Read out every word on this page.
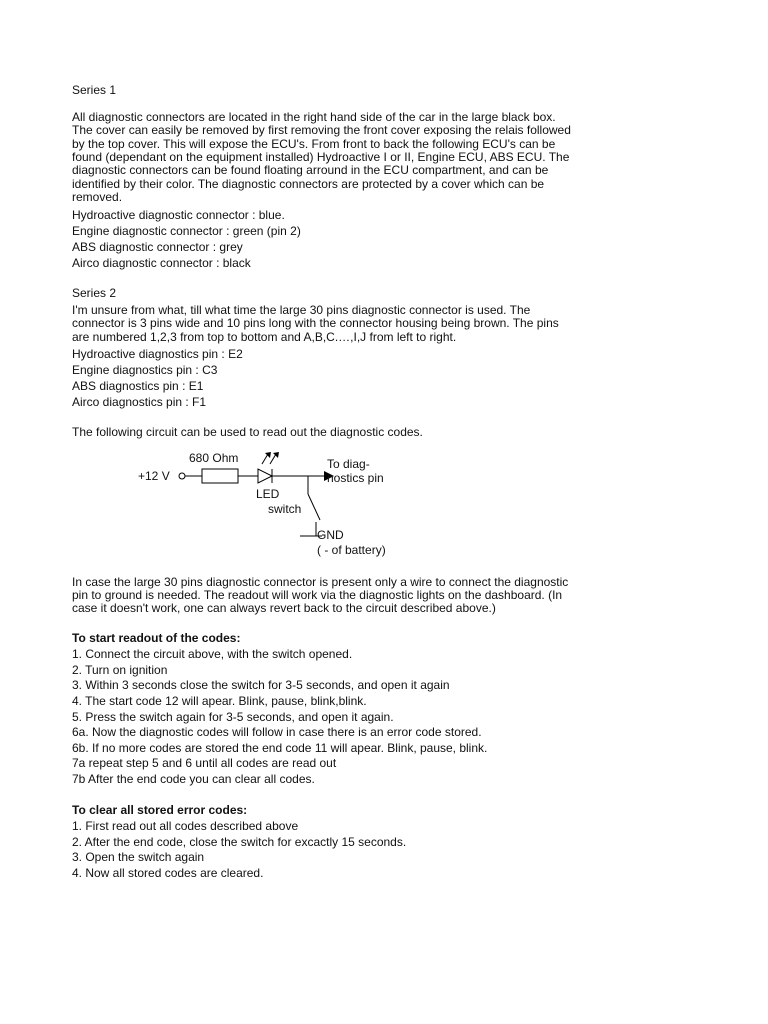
Series 1
All diagnostic connectors are located in the right hand side of the car in the large black box.
The cover can easily be removed by first removing the front cover exposing the relais followed
by the top cover. This will expose the ECU's. From front to back the following ECU's can be
found (dependant on the equipment installed) Hydroactive I or II, Engine ECU, ABS ECU. The
diagnostic connectors can be found floating arround in the ECU compartment, and can be
identified by their color. The diagnostic connectors are protected by a cover which can be
removed.
Hydroactive diagnostic connector : blue.
Engine diagnostic connector : green (pin 2)
ABS diagnostic connector : grey
Airco diagnostic connector : black
Series 2
I'm unsure from what, till what time the large 30 pins diagnostic connector is used. The
connector is 3 pins wide and 10 pins long with the connector housing being brown. The pins
are numbered 1,2,3 from top to bottom and A,B,C.…,I,J from left to right.
Hydroactive diagnostics pin : E2
Engine diagnostics pin : C3
ABS diagnostics pin : E1
Airco diagnostics pin : F1
The following circuit can be used to read out the diagnostic codes.
+12 V
680 Ohm
LED
switch
To diag-
nostics pin
GND
( - of battery)
In case the large 30 pins diagnostic connector is present only a wire to connect the diagnostic
pin to ground is needed. The readout will work via the diagnostic lights on the dashboard. (In
case it doesn't work, one can always revert back to the circuit described above.)
To start readout of the codes:
1. Connect the circuit above, with the switch opened.
2. Turn on ignition
3. Within 3 seconds close the switch for 3-5 seconds, and open it again
4. The start code 12 will apear. Blink, pause, blink,blink.
5. Press the switch again for 3-5 seconds, and open it again.
6a. Now the diagnostic codes will follow in case there is an error code stored.
6b. If no more codes are stored the end code 11 will apear. Blink, pause, blink.
7a repeat step 5 and 6 until all codes are read out
7b After the end code you can clear all codes.
To clear all stored error codes:
1. First read out all codes described above
2. After the end code, close the switch for excactly 15 seconds.
3. Open the switch again
4. Now all stored codes are cleared.
